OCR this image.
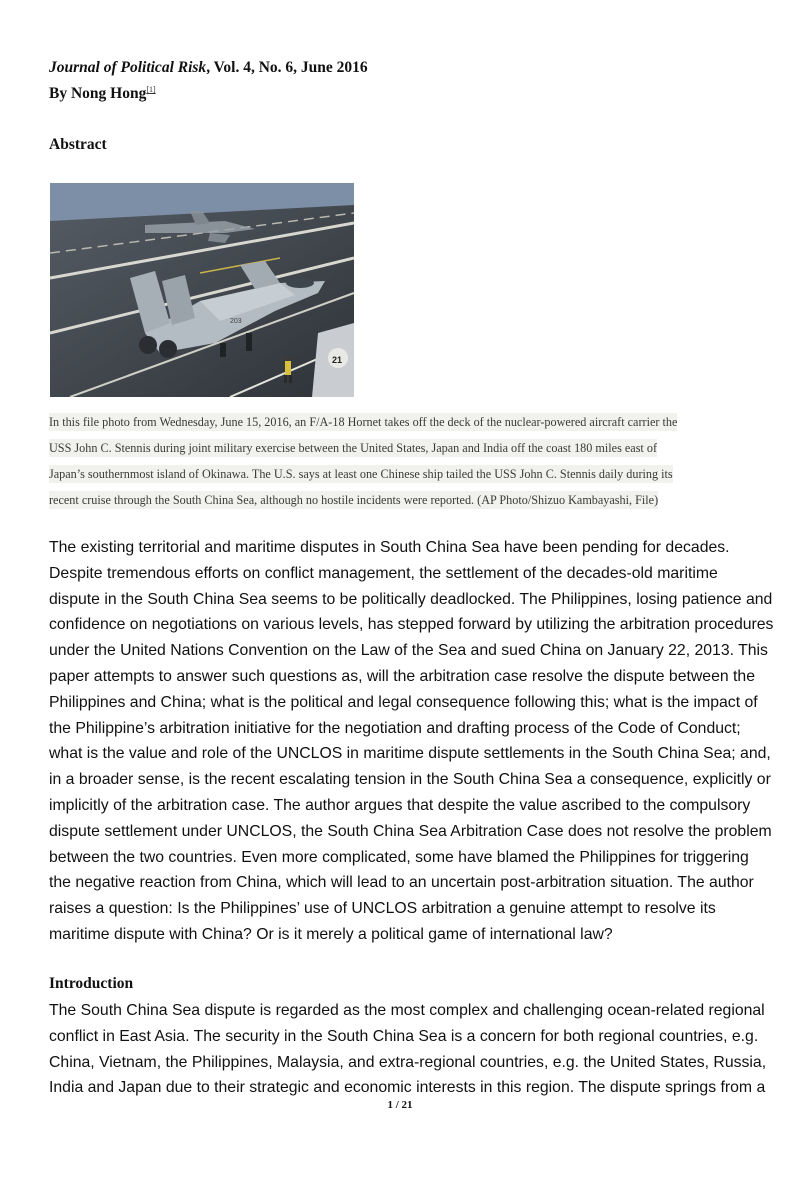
Journal of Political Risk, Vol. 4, No. 6, June 2016
By Nong Hong[1]
Abstract
203
21
In this file photo from Wednesday, June 15, 2016, an F/A-18 Hornet takes off the deck of the nuclear-powered aircraft carrier the
USS John C. Stennis during joint military exercise between the United States, Japan and India off the coast 180 miles east of
Japan’s southernmost island of Okinawa. The U.S. says at least one Chinese ship tailed the USS John C. Stennis daily during its
recent cruise through the South China Sea, although no hostile incidents were reported. (AP Photo/Shizuo Kambayashi, File)
The existing territorial and maritime disputes in South China Sea have been pending for decades.
Despite tremendous efforts on conflict management, the settlement of the decades-old maritime
dispute in the South China Sea seems to be politically deadlocked. The Philippines, losing patience and
confidence on negotiations on various levels, has stepped forward by utilizing the arbitration procedures
under the United Nations Convention on the Law of the Sea and sued China on January 22, 2013. This
paper attempts to answer such questions as, will the arbitration case resolve the dispute between the
Philippines and China; what is the political and legal consequence following this; what is the impact of
the Philippine’s arbitration initiative for the negotiation and drafting process of the Code of Conduct;
what is the value and role of the UNCLOS in maritime dispute settlements in the South China Sea; and,
in a broader sense, is the recent escalating tension in the South China Sea a consequence, explicitly or
implicitly of the arbitration case. The author argues that despite the value ascribed to the compulsory
dispute settlement under UNCLOS, the South China Sea Arbitration Case does not resolve the problem
between the two countries. Even more complicated, some have blamed the Philippines for triggering
the negative reaction from China, which will lead to an uncertain post-arbitration situation. The author
raises a question: Is the Philippines’ use of UNCLOS arbitration a genuine attempt to resolve its
maritime dispute with China? Or is it merely a political game of international law?
Introduction
The South China Sea dispute is regarded as the most complex and challenging ocean-related regional
conflict in East Asia. The security in the South China Sea is a concern for both regional countries, e.g.
China, Vietnam, the Philippines, Malaysia, and extra-regional countries, e.g. the United States, Russia,
India and Japan due to their strategic and economic interests in this region. The dispute springs from a
1 / 21
